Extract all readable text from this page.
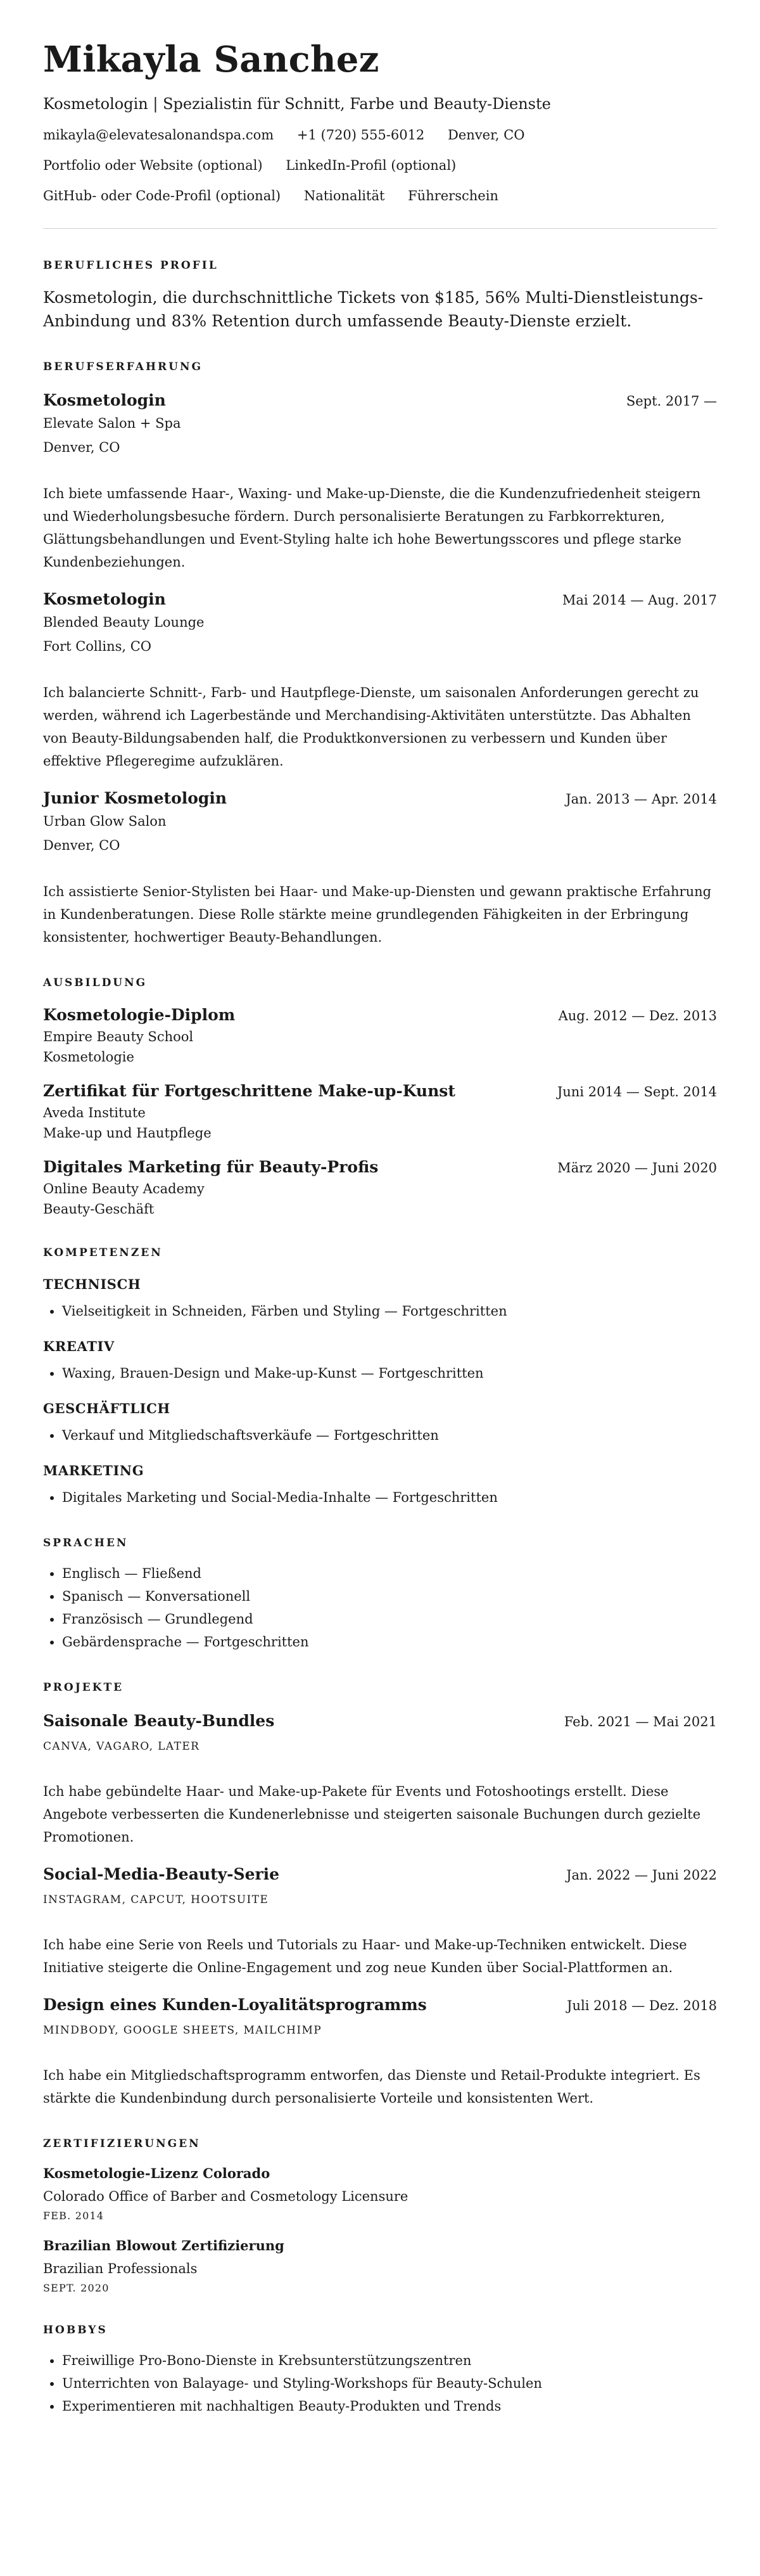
Mikayla Sanchez
Kosmetologin | Spezialistin für Schnitt, Farbe und Beauty-Dienste
mikayla@elevatesalonandspa.com +1 (720) 555-6012 Denver, CO
Portfolio oder Website (optional) LinkedIn-Profil (optional)
GitHub- oder Code-Profil (optional) Nationalität Führerschein
BERUFLICHES PROFIL
Kosmetologin, die durchschnittliche Tickets von $185, 56% Multi-Dienstleistungs-Anbindung und 83% Retention durch umfassende Beauty-Dienste erzielt.
BERUFSERFAHRUNG
Kosmetologin	Sept. 2017 —
Elevate Salon + Spa
Denver, CO
Ich biete umfassende Haar-, Waxing- und Make-up-Dienste, die die Kundenzufriedenheit steigern und Wiederholungsbesuche fördern. Durch personalisierte Beratungen zu Farbkorrekturen, Glättungsbehandlungen und Event-Styling halte ich hohe Bewertungsscores und pflege starke Kundenbeziehungen.
Kosmetologin	Mai 2014 — Aug. 2017
Blended Beauty Lounge
Fort Collins, CO
Ich balancierte Schnitt-, Farb- und Hautpflege-Dienste, um saisonalen Anforderungen gerecht zu werden, während ich Lagerbestände und Merchandising-Aktivitäten unterstützte. Das Abhalten von Beauty-Bildungsabenden half, die Produktkonversionen zu verbessern und Kunden über effektive Pflegeregime aufzuklären.
Junior Kosmetologin	Jan. 2013 — Apr. 2014
Urban Glow Salon
Denver, CO
Ich assistierte Senior-Stylisten bei Haar- und Make-up-Diensten und gewann praktische Erfahrung in Kundenberatungen. Diese Rolle stärkte meine grundlegenden Fähigkeiten in der Erbringung konsistenter, hochwertiger Beauty-Behandlungen.
AUSBILDUNG
Kosmetologie-Diplom	Aug. 2012 — Dez. 2013
Empire Beauty School
Kosmetologie
Zertifikat für Fortgeschrittene Make-up-Kunst	Juni 2014 — Sept. 2014
Aveda Institute
Make-up und Hautpflege
Digitales Marketing für Beauty-Profis	März 2020 — Juni 2020
Online Beauty Academy
Beauty-Geschäft
KOMPETENZEN
TECHNISCH
• Vielseitigkeit in Schneiden, Färben und Styling — Fortgeschritten
KREATIV
• Waxing, Brauen-Design und Make-up-Kunst — Fortgeschritten
GESCHÄFTLICH
• Verkauf und Mitgliedschaftsverkäufe — Fortgeschritten
MARKETING
• Digitales Marketing und Social-Media-Inhalte — Fortgeschritten
SPRACHEN
• Englisch — Fließend
• Spanisch — Konversationell
• Französisch — Grundlegend
• Gebärdensprache — Fortgeschritten
PROJEKTE
Saisonale Beauty-Bundles	Feb. 2021 — Mai 2021
CANVA, VAGARO, LATER
Ich habe gebündelte Haar- und Make-up-Pakete für Events und Fotoshootings erstellt. Diese Angebote verbesserten die Kundenerlebnisse und steigerten saisonale Buchungen durch gezielte Promotionen.
Social-Media-Beauty-Serie	Jan. 2022 — Juni 2022
INSTAGRAM, CAPCUT, HOOTSUITE
Ich habe eine Serie von Reels und Tutorials zu Haar- und Make-up-Techniken entwickelt. Diese Initiative steigerte die Online-Engagement und zog neue Kunden über Social-Plattformen an.
Design eines Kunden-Loyalitätsprogramms	Juli 2018 — Dez. 2018
MINDBODY, GOOGLE SHEETS, MAILCHIMP
Ich habe ein Mitgliedschaftsprogramm entworfen, das Dienste und Retail-Produkte integriert. Es stärkte die Kundenbindung durch personalisierte Vorteile und konsistenten Wert.
ZERTIFIZIERUNGEN
Kosmetologie-Lizenz Colorado
Colorado Office of Barber and Cosmetology Licensure
FEB. 2014
Brazilian Blowout Zertifizierung
Brazilian Professionals
SEPT. 2020
HOBBYS
• Freiwillige Pro-Bono-Dienste in Krebsunterstützungszentren
• Unterrichten von Balayage- und Styling-Workshops für Beauty-Schulen
• Experimentieren mit nachhaltigen Beauty-Produkten und Trends
